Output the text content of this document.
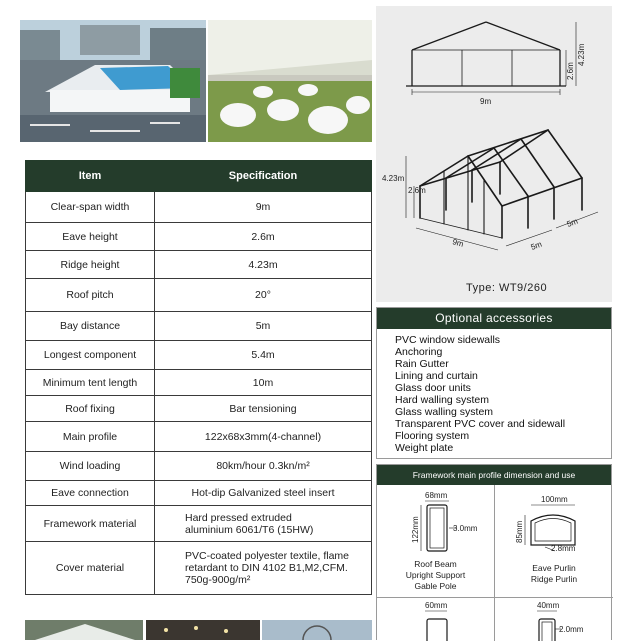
Item	Specification
Clear-span width	9m
Eave height	2.6m
Ridge height	4.23m
Roof pitch	20°
Bay distance	5m
Longest component	5.4m
Minimum tent length	10m
Roof fixing	Bar tensioning
Main profile	122x68x3mm(4-channel)
Wind loading	80km/hour 0.3kn/m²
Eave connection	Hot-dip Galvanized steel insert
Framework material	Hard pressed extruded
aluminium 6061/T6 (15HW)

Cover material	PVC-coated polyester textile, flame
retardant to DIN 4102 B1,M2,CFM.
750g-900g/m²
9m
2.6m
4.23m
4.23m
2.6m
9m	5m
5m
Type: WT9/260
Optional accessories
PVC window sidewalls
Anchoring
Rain Gutter
Lining and curtain
Glass door units
Hard walling system
Glass walling system
Transparent PVC cover and sidewall
Flooring system
Weight plate
Framework main profile dimension and use
68mm
122mm	3.0mm
Roof Beam
Upright Support
Gable Pole
100mm
85mm
2.8mm
Eave Purlin
Ridge Purlin
60mm	40mm
2.0mm
